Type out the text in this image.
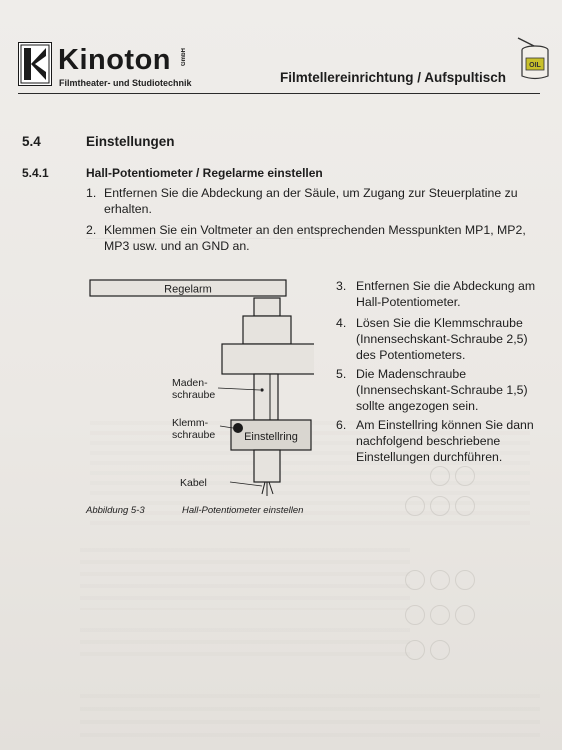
Kinoton GmbH
Filmtheater- und Studiotechnik	Filmtellereinrichtung / Aufspultisch
OIL
5.4	Einstellungen
5.4.1	Hall-Potentiometer / Regelarme einstellen
1. Entfernen Sie die Abdeckung an der Säule, um Zugang zur Steuerplatine zu
erhalten.
2. Klemmen Sie ein Voltmeter an den entsprechenden Messpunkten MP1, MP2,
MP3 usw. und an GND an.
3. Entfernen Sie die Abdeckung am
Hall-Potentiometer.
4. Lösen Sie die Klemmschraube
(Innensechskant-Schraube 2,5)
des Potentiometers.
5. Die Madenschraube
(Innensechskant-Schraube 1,5)
sollte angezogen sein.
6. Am Einstellring können Sie dann
nachfolgend beschriebene
Einstellungen durchführen.
Regelarm
Maden-
schraube
Klemm-
schraube	Einstellring
Kabel
Abbildung 5-3	Hall-Potentiometer einstellen
